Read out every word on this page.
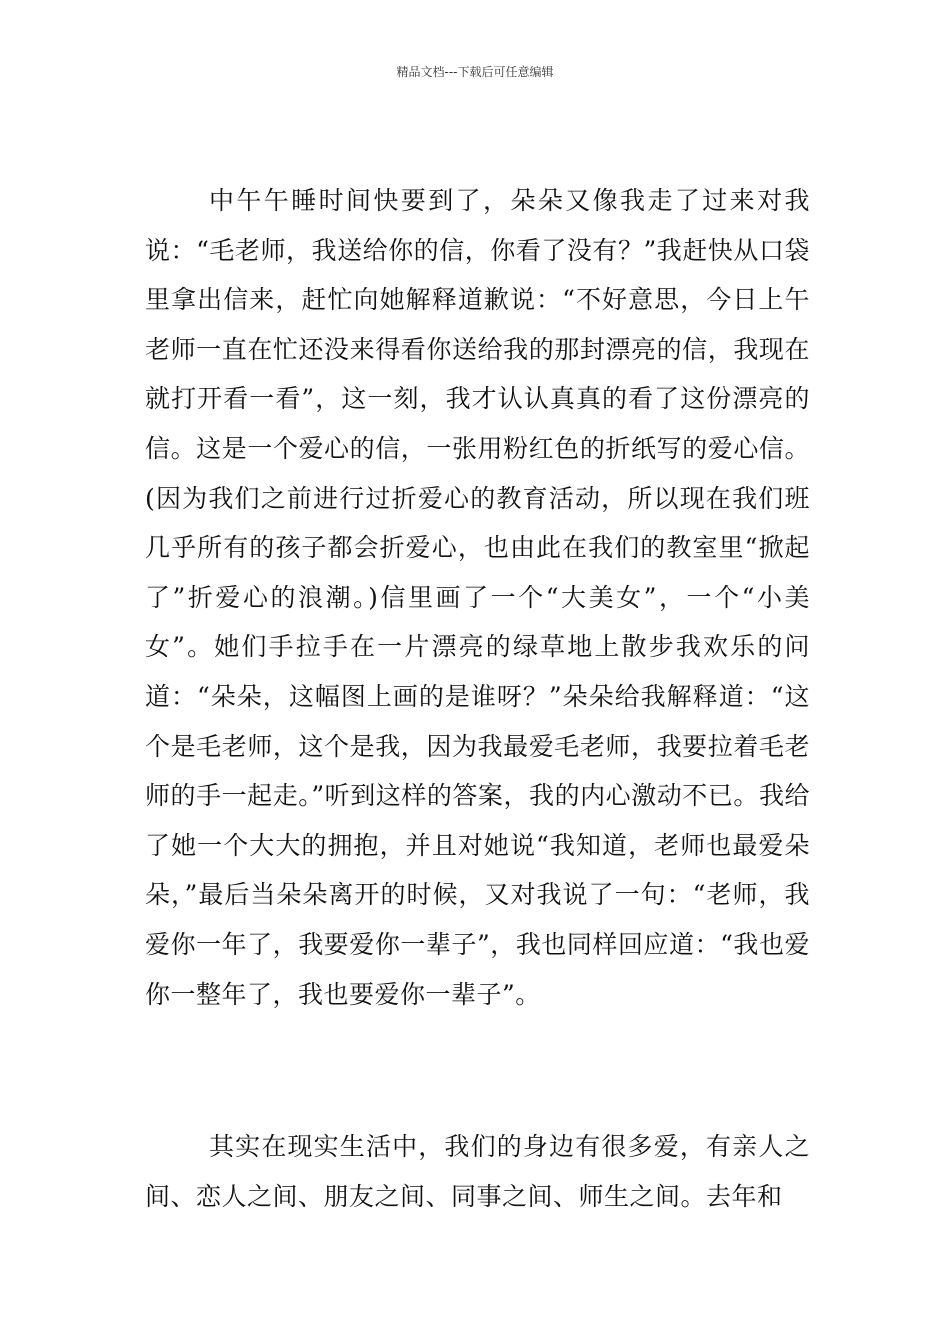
精品文档---下载后可任意编辑

中午午睡时间快要到了，朵朵又像我走了过来对我说：“毛老师，我送给你的信，你看了没有？”我赶快从口袋里拿出信来，赶忙向她解释道歉说：“不好意思，今日上午老师一直在忙还没来得看你送给我的那封漂亮的信，我现在就打开看一看”，这一刻，我才认认真真的看了这份漂亮的信。这是一个爱心的信，一张用粉红色的折纸写的爱心信。(因为我们之前进行过折爱心的教育活动，所以现在我们班几乎所有的孩子都会折爱心，也由此在我们的教室里“掀起了”折爱心的浪潮。)信里画了一个“大美女”，一个“小美女”。她们手拉手在一片漂亮的绿草地上散步我欢乐的问道：“朵朵，这幅图上画的是谁呀？”朵朵给我解释道：“这个是毛老师，这个是我，因为我最爱毛老师，我要拉着毛老师的手一起走。”听到这样的答案，我的内心激动不已。我给了她一个大大的拥抱，并且对她说“我知道，老师也最爱朵朵，”最后当朵朵离开的时候，又对我说了一句：“老师，我爱你一年了，我要爱你一辈子”，我也同样回应道：“我也爱你一整年了，我也要爱你一辈子”。

其实在现实生活中，我们的身边有很多爱，有亲人之间、恋人之间、朋友之间、同事之间、师生之间。去年和
